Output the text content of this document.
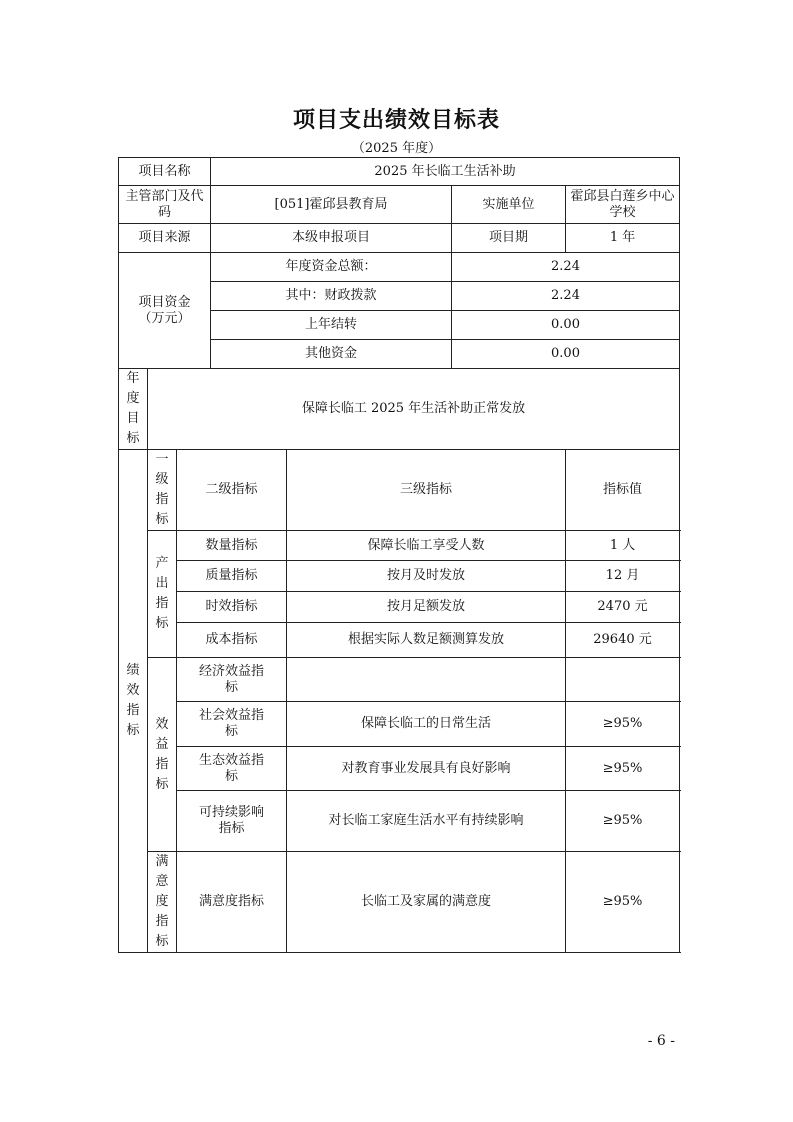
项目支出绩效目标表
（2025 年度）
项目名称			2025 年长临工生活补助			
主管部门及代码			[051]霍邱县教育局		实施单位	霍邱县白莲乡中心学校
项目来源			本级申报项目		项目期	1 年

项目资金
（万元）			年度资金总额：		2.24	
			其中：财政拨款		2.24	
			上年结转		0.00	
			其他资金		0.00	
年度目标	保障长临工 2025 年生活补助正常发放					
绩效指标	一级指标	二级指标		三级指标		指标值
	产出指标	数量指标		保障长临工享受人数		1 人
		质量指标		按月及时发放		12 月
		时效指标		按月足额发放		2470 元
		成本指标		根据实际人数足额测算发放		29640 元
	效益指标	经济效益指标				
		社会效益指标		保障长临工的日常生活		≥95%
		生态效益指标		对教育事业发展具有良好影响		≥95%
		可持续影响指标		对长临工家庭生活水平有持续影响		≥95%
	满意度指标	满意度指标		长临工及家属的满意度		≥95%
- 6 -
